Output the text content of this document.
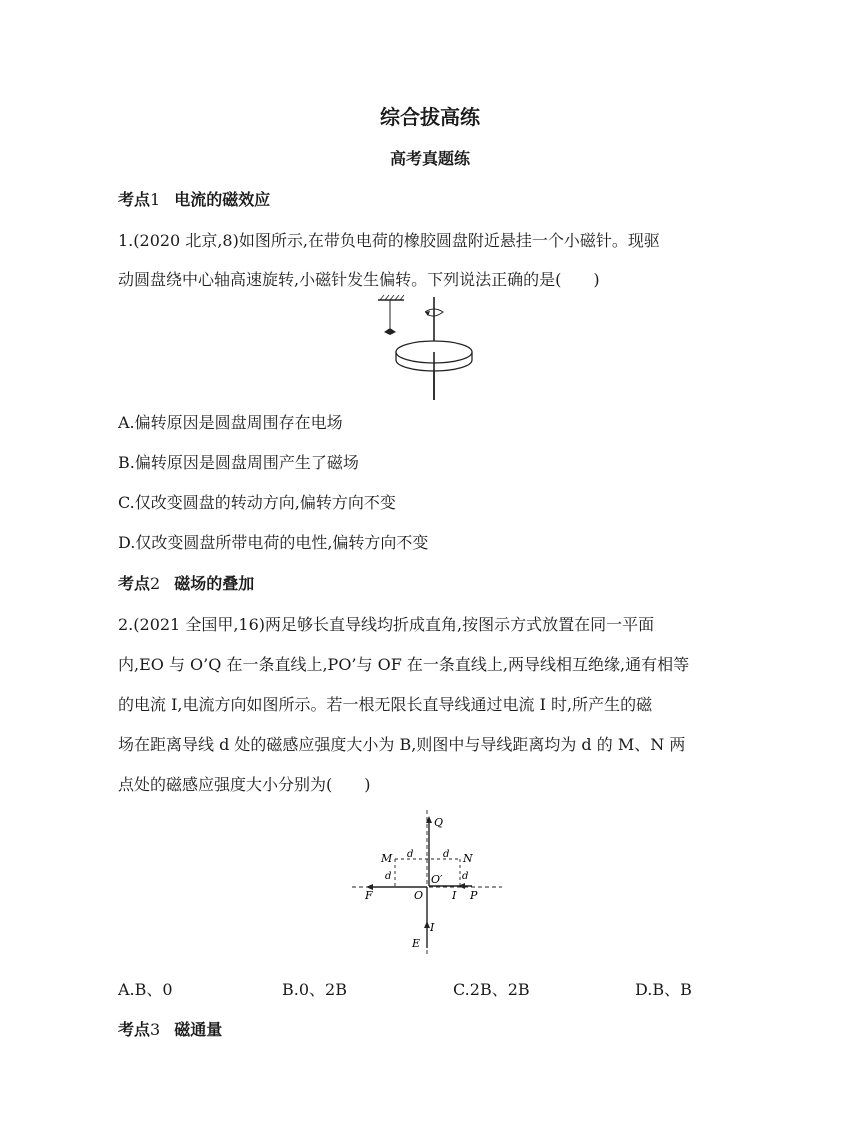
综合拔高练
高考真题练
考点1 电流的磁效应
1.(2020 北京,8)如图所示,在带负电荷的橡胶圆盘附近悬挂一个小磁针。现驱
动圆盘绕中心轴高速旋转,小磁针发生偏转。下列说法正确的是(　　)
A.偏转原因是圆盘周围存在电场
B.偏转原因是圆盘周围产生了磁场
C.仅改变圆盘的转动方向,偏转方向不变
D.仅改变圆盘所带电荷的电性,偏转方向不变
考点2 磁场的叠加
2.(2021 全国甲,16)两足够长直导线均折成直角,按图示方式放置在同一平面
内,EO 与 O’Q 在一条直线上,PO’与 OF 在一条直线上,两导线相互绝缘,通有相等
的电流 I,电流方向如图所示。若一根无限长直导线通过电流 I 时,所产生的磁
场在距离导线 d 处的磁感应强度大小为 B,则图中与导线距离均为 d 的 M、N 两
点处的磁感应强度大小分别为(　　)
Q
M	N
d	d
d	d
O′
F	O	I P
I
E
A.B、0	B.0、2B	C.2B、2B	D.B、B
考点3 磁通量
